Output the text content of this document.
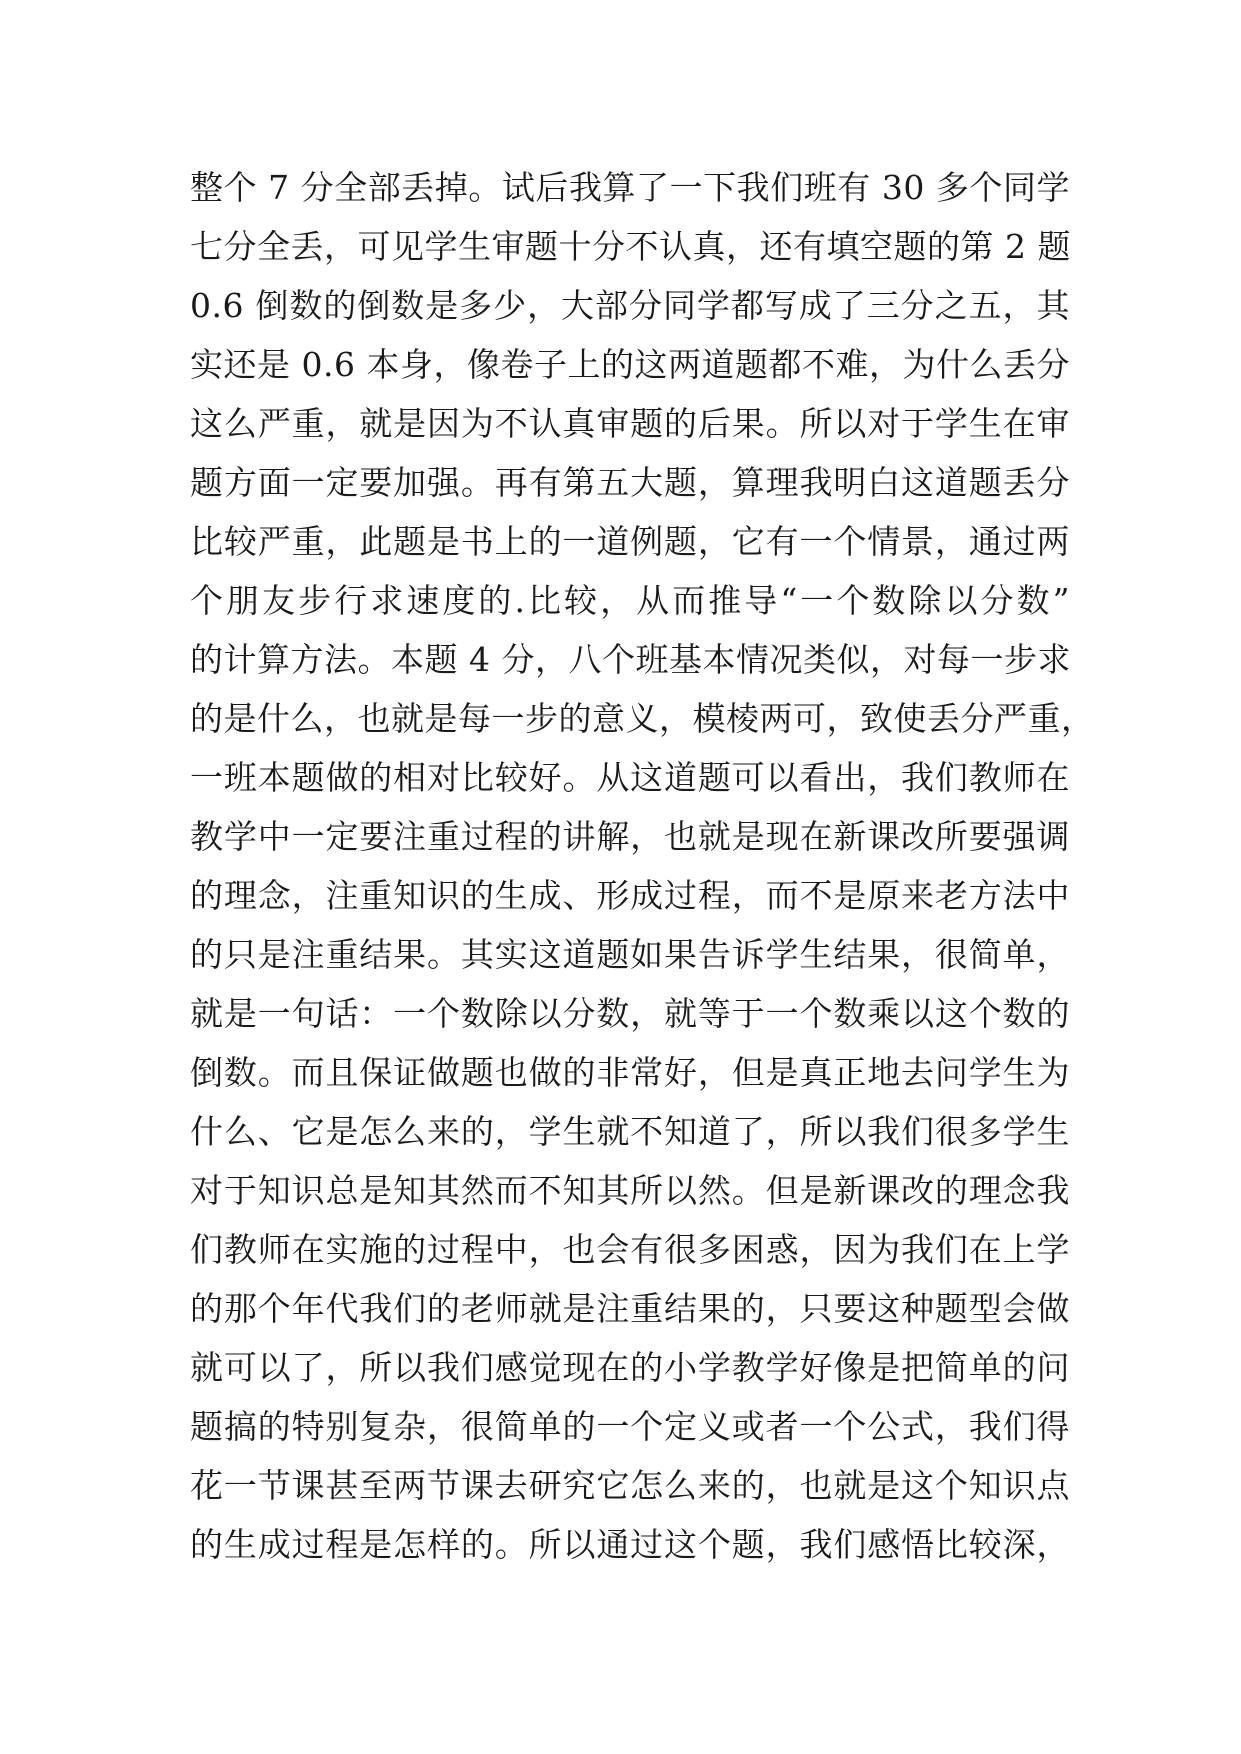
整个 7 分全部丢掉。试后我算了一下我们班有 30 多个同学
七分全丢，可见学生审题十分不认真，还有填空题的第 2 题
0.6 倒数的倒数是多少，大部分同学都写成了三分之五，其
实还是 0.6 本身，像卷子上的这两道题都不难，为什么丢分
这么严重，就是因为不认真审题的后果。所以对于学生在审
题方面一定要加强。再有第五大题，算理我明白这道题丢分
比较严重，此题是书上的一道例题，它有一个情景，通过两
个朋友步行求速度的.比较，从而推导“一个数除以分数”
的计算方法。本题 4 分，八个班基本情况类似，对每一步求
的是什么，也就是每一步的意义，模棱两可，致使丢分严重，
一班本题做的相对比较好。从这道题可以看出，我们教师在
教学中一定要注重过程的讲解，也就是现在新课改所要强调
的理念，注重知识的生成、形成过程，而不是原来老方法中
的只是注重结果。其实这道题如果告诉学生结果，很简单，
就是一句话：一个数除以分数，就等于一个数乘以这个数的
倒数。而且保证做题也做的非常好，但是真正地去问学生为
什么、它是怎么来的，学生就不知道了，所以我们很多学生
对于知识总是知其然而不知其所以然。但是新课改的理念我
们教师在实施的过程中，也会有很多困惑，因为我们在上学
的那个年代我们的老师就是注重结果的，只要这种题型会做
就可以了，所以我们感觉现在的小学教学好像是把简单的问
题搞的特别复杂，很简单的一个定义或者一个公式，我们得
花一节课甚至两节课去研究它怎么来的，也就是这个知识点
的生成过程是怎样的。所以通过这个题，我们感悟比较深，
